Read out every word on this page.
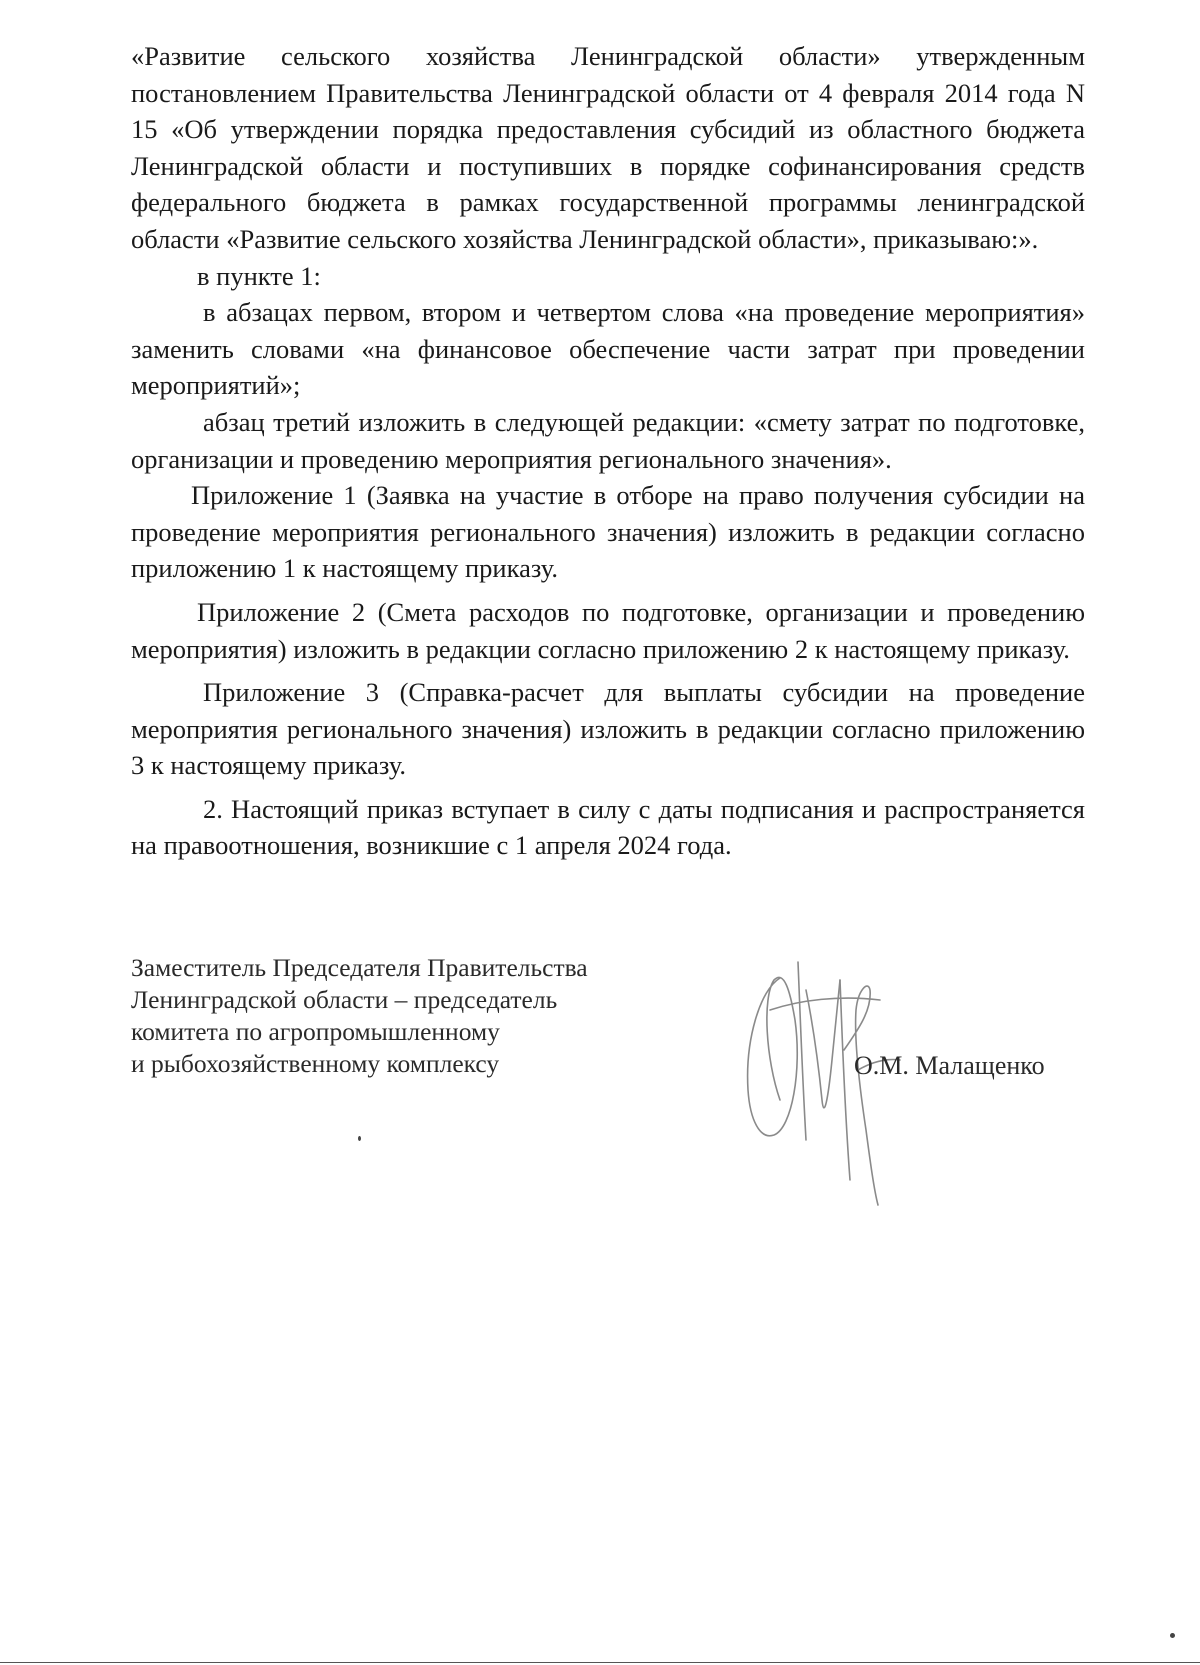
«Развитие сельского хозяйства Ленинградской области» утвержденным постановлением Правительства Ленинградской области от 4 февраля 2014 года N 15 «Об утверждении порядка предоставления субсидий из областного бюджета Ленинградской области и поступивших в порядке софинансирования средств федерального бюджета в рамках государственной программы ленинградской области «Развитие сельского хозяйства Ленинградской области», приказываю:».

в пункте 1:

в абзацах первом, втором и четвертом слова «на проведение мероприятия» заменить словами «на финансовое обеспечение части затрат при проведении мероприятий»;

абзац третий изложить в следующей редакции: «смету затрат по подготовке, организации и проведению мероприятия регионального значения».

Приложение 1 (Заявка на участие в отборе на право получения субсидии на проведение мероприятия регионального значения) изложить в редакции согласно приложению 1 к настоящему приказу.

Приложение 2 (Смета расходов по подготовке, организации и проведению мероприятия) изложить в редакции согласно приложению 2 к настоящему приказу.

Приложение 3 (Справка-расчет для выплаты субсидии на проведение мероприятия регионального значения) изложить в редакции согласно приложению 3 к настоящему приказу.

2. Настоящий приказ вступает в силу с даты подписания и распространяется на правоотношения, возникшие с 1 апреля 2024 года.

Заместитель Председателя Правительства
Ленинградской области – председатель
комитета по агропромышленному
и рыбохозяйственному комплексу	О.М. Малащенко
